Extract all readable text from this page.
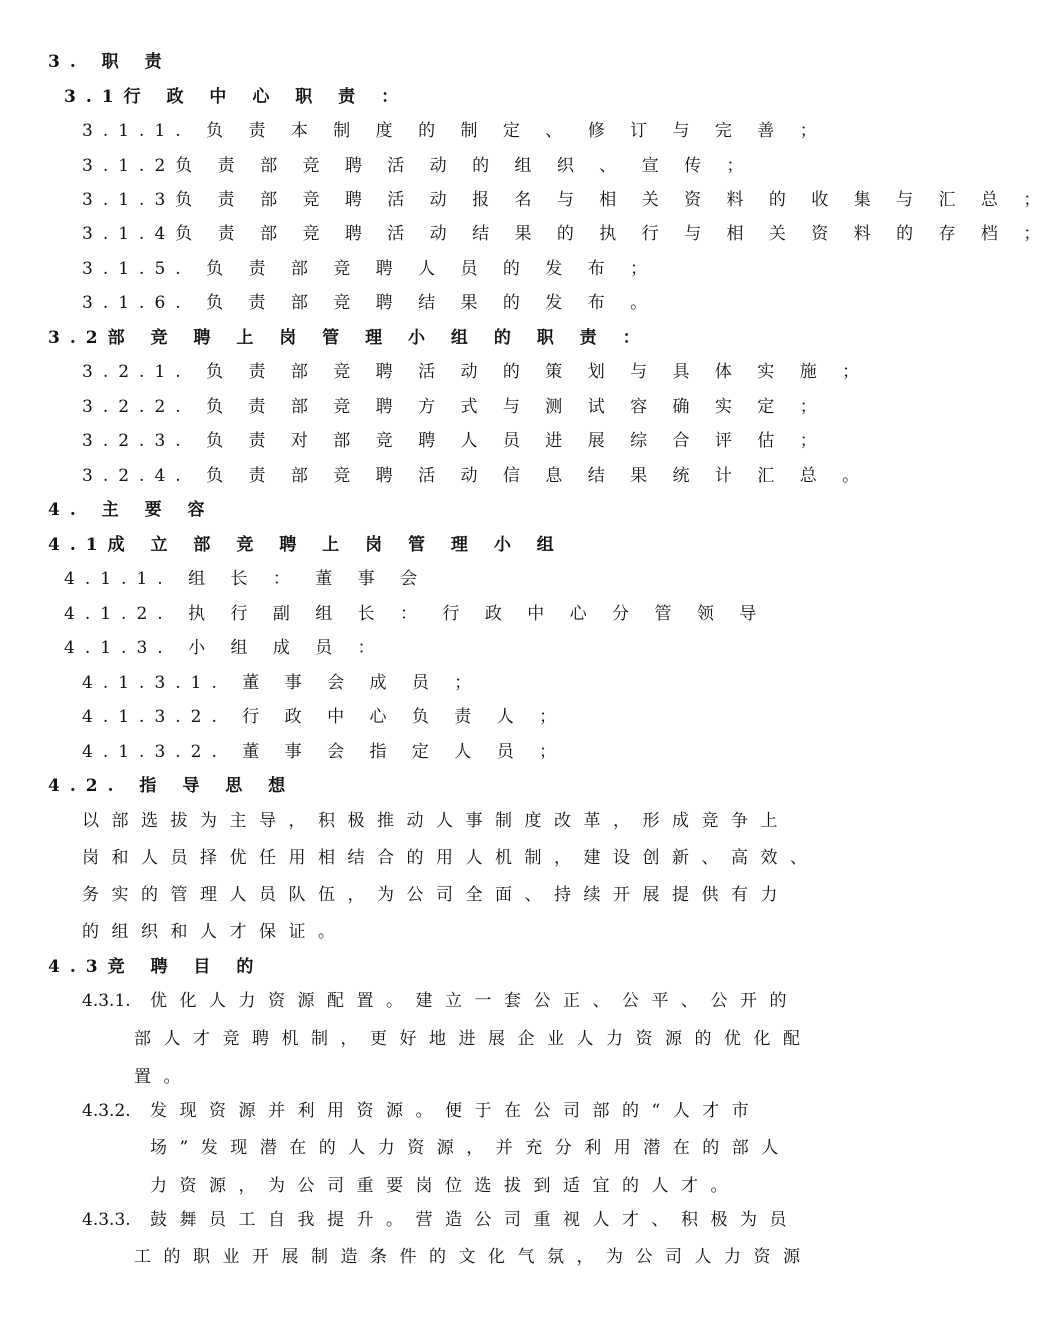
3. 职 责
3.1行 政 中 心 职 责 ：
3.1.1. 负 责 本 制 度 的 制 定 、 修 订 与 完 善 ；
3.1.2负 责 部 竞 聘 活 动 的 组 织 、 宣 传 ；
3.1.3负 责 部 竞 聘 活 动 报 名 与 相 关 资 料 的 收 集 与 汇 总 ；
3.1.4负 责 部 竞 聘 活 动 结 果 的 执 行 与 相 关 资 料 的 存 档 ；
3.1.5. 负 责 部 竞 聘 人 员 的 发 布 ；
3.1.6. 负 责 部 竞 聘 结 果 的 发 布 。
3.2部 竞 聘 上 岗 管 理 小 组 的 职 责 ：
3.2.1. 负 责 部 竞 聘 活 动 的 策 划 与 具 体 实 施 ；
3.2.2. 负 责 部 竞 聘 方 式 与 测 试 容 确 实 定 ；
3.2.3. 负 责 对 部 竞 聘 人 员 进 展 综 合 评 估 ；
3.2.4. 负 责 部 竞 聘 活 动 信 息 结 果 统 计 汇 总 。
4. 主 要 容
4.1成 立 部 竞 聘 上 岗 管 理 小 组
4.1.1. 组 长 ： 董 事 会
4.1.2. 执 行 副 组 长 ： 行 政 中 心 分 管 领 导
4.1.3. 小 组 成 员 ：
4.1.3.1. 董 事 会 成 员 ；
4.1.3.2. 行 政 中 心 负 责 人 ；
4.1.3.2. 董 事 会 指 定 人 员 ；
4.2. 指 导 思 想
以部选拔为主导，积极推动人事制度改革，形成竞争上
岗和人员择优任用相结合的用人机制，建设创新、高效、
务实的管理人员队伍，为公司全面、持续开展提供有力
的组织和人才保证。
4.3竞 聘 目 的
4.3.1. 优化人力资源配置。建立一套公正、公平、公开的
部人才竞聘机制，更好地进展企业人力资源的优化配
置。
4.3.2. 发现资源并利用资源。便于在公司部的“人才市
场”发现潜在的人力资源，并充分利用潜在的部人
力资源，为公司重要岗位选拔到适宜的人才。
4.3.3. 鼓舞员工自我提升。营造公司重视人才、积极为员
工的职业开展制造条件的文化气氛，为公司人力资源
